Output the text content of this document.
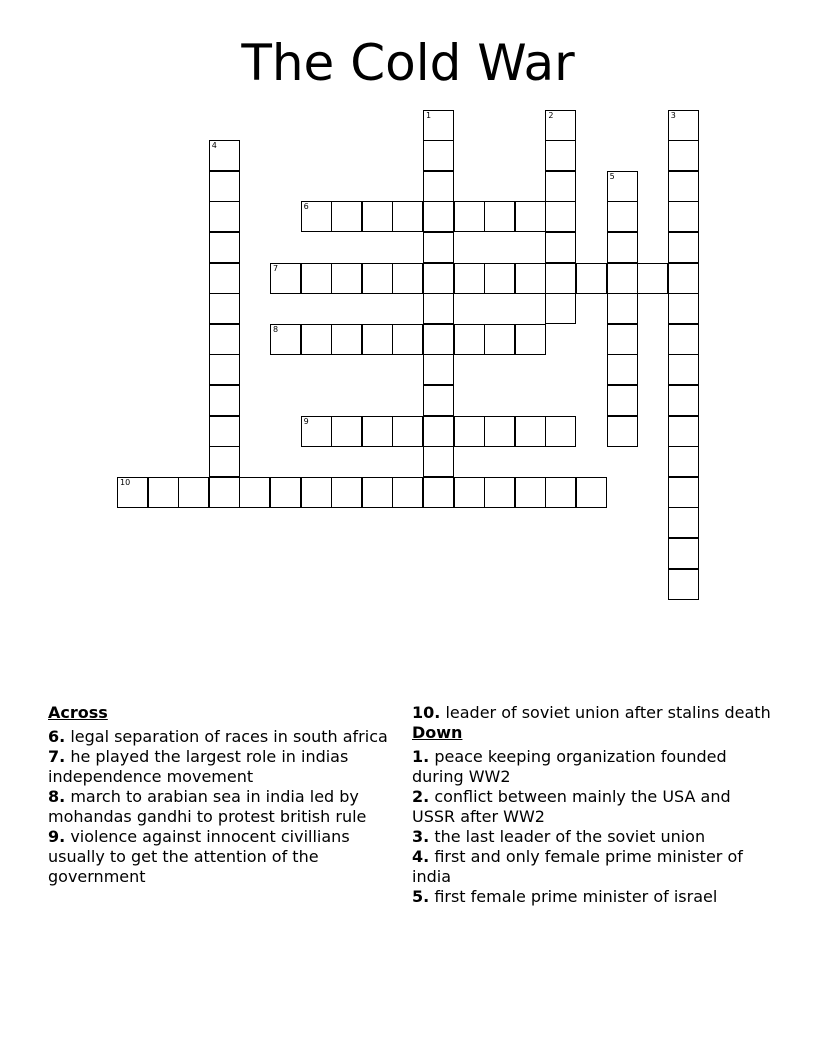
The Cold War
1	2	3
4
5
6
7
8
9
10
Across
6. legal separation of races in south africa
7. he played the largest role in indias independence movement
8. march to arabian sea in india led by mohandas gandhi to protest british rule
9. violence against innocent civillians usually to get the attention of the government
10. leader of soviet union after stalins death
Down
1. peace keeping organization founded during WW2
2. conflict between mainly the USA and USSR after WW2
3. the last leader of the soviet union
4. first and only female prime minister of india
5. first female prime minister of israel
